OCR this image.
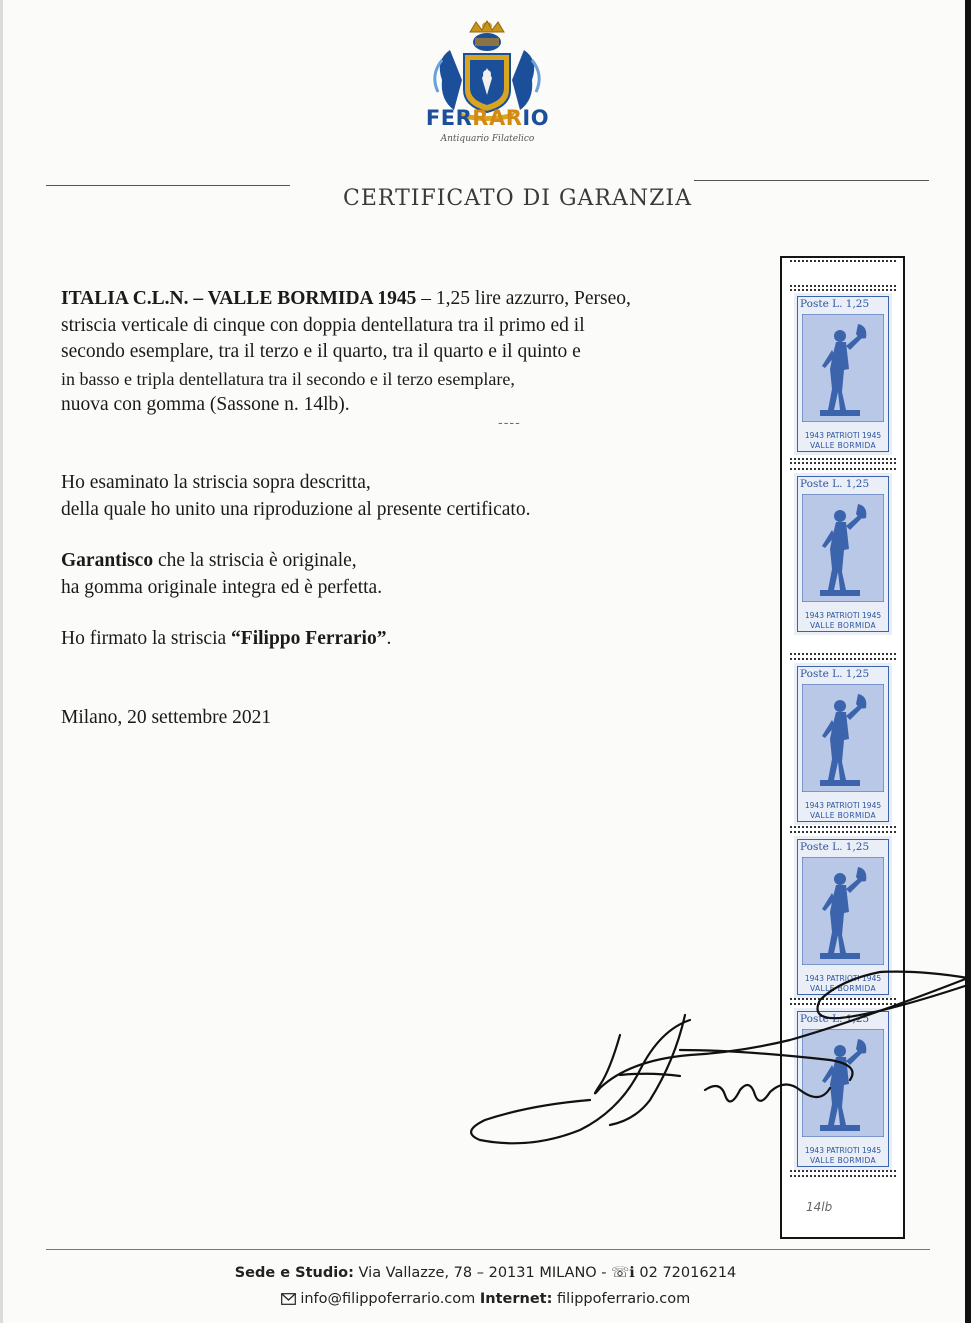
FERRARIO
Antiquario Filatelico
CERTIFICATO DI GARANZIA
ITALIA C.L.N. – VALLE BORMIDA 1945 – 1,25 lire azzurro, Perseo,
striscia verticale di cinque con doppia dentellatura tra il primo ed il
secondo esemplare, tra il terzo e il quarto, tra il quarto e il quinto e
in basso e tripla dentellatura tra il secondo e il terzo esemplare,
nuova con gomma (Sassone n. 14lb).
----
Ho esaminato la striscia sopra descritta,
della quale ho unito una riproduzione al presente certificato.
Garantisco che la striscia è originale,
ha gomma originale integra ed è perfetta.
Ho firmato la striscia “Filippo Ferrario”.
Milano, 20 settembre 2021
Poste L. 1,25
1943 PATRIOTI 1945
VALLE BORMIDA
Poste L. 1,25
1943 PATRIOTI 1945
VALLE BORMIDA
Poste L. 1,25
1943 PATRIOTI 1945
VALLE BORMIDA
Poste L. 1,25
1943 PATRIOTI 1945
VALLE BORMIDA
Poste L. 1,25
1943 PATRIOTI 1945
VALLE BORMIDA
14lb
Sede e Studio: Via Vallazze, 78 – 20131 MILANO - ☏ℹ 02 72016214
info@filippoferrario.com Internet: filippoferrario.com
